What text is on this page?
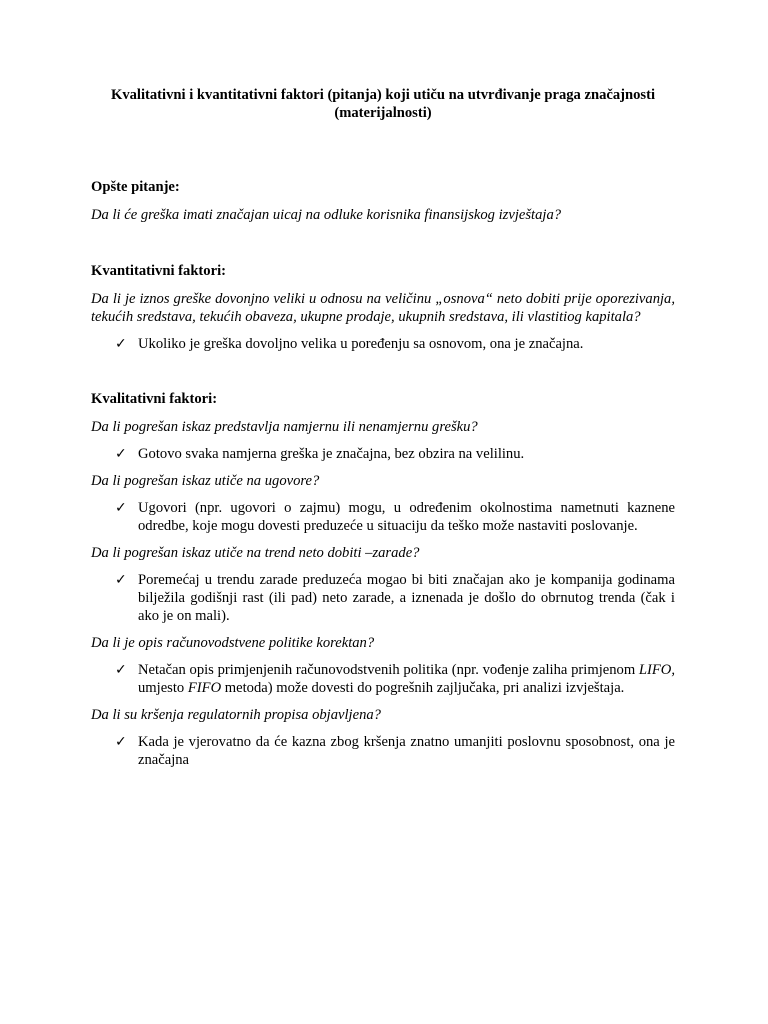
Kvalitativni i kvantitativni faktori (pitanja) koji utiču na utvrđivanje praga značajnosti
(materijalnosti)

Opšte pitanje:

Da li će greška imati značajan uicaj na odluke korisnika finansijskog izvještaja?

Kvantitativni faktori:

Da li je iznos greške dovonjno veliki u odnosu na veličinu „osnova“ neto dobiti prije oporezivanja, tekućih sredstava, tekućih obaveza, ukupne prodaje, ukupnih sredstava, ili vlastitiog kapitala?

✓ Ukoliko je greška dovoljno velika u poređenju sa osnovom, ona je značajna.

Kvalitativni faktori:

Da li pogrešan iskaz predstavlja namjernu ili nenamjernu grešku?

✓ Gotovo svaka namjerna greška je značajna, bez obzira na velilinu.

Da li pogrešan iskaz utiče na ugovore?

✓ Ugovori (npr. ugovori o zajmu) mogu, u određenim okolnostima nametnuti kaznene odredbe, koje mogu dovesti preduzeće u situaciju da teško može nastaviti poslovanje.

Da li pogrešan iskaz utiče na trend neto dobiti –zarade?

✓ Poremećaj u trendu zarade preduzeća mogao bi biti značajan ako je kompanija godinama bilježila godišnji rast (ili pad) neto zarade, a iznenada je došlo do obrnutog trenda (čak i ako je on mali).

Da li je opis računovodstvene politike korektan?

✓ Netačan opis primjenjenih računovodstvenih politika (npr. vođenje zaliha primjenom LIFO, umjesto FIFO metoda) može dovesti do pogrešnih zajljučaka, pri analizi izvještaja.

Da li su kršenja regulatornih propisa objavljena?

✓ Kada je vjerovatno da će kazna zbog kršenja znatno umanjiti poslovnu sposobnost, ona je značajna
